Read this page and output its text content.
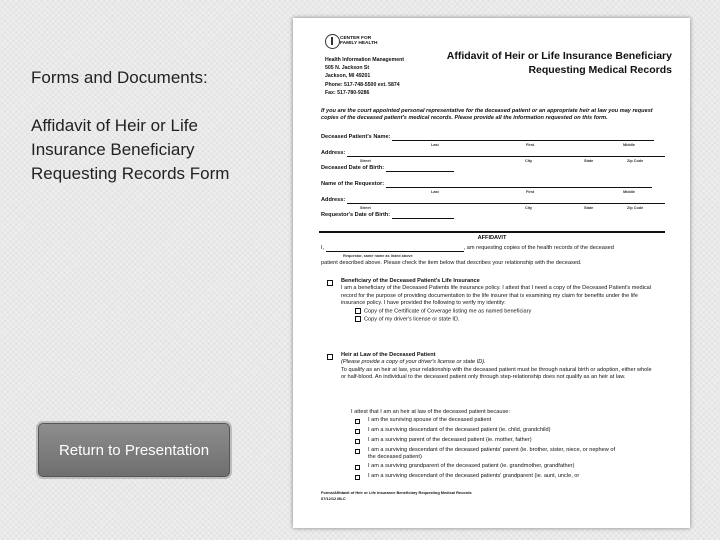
Forms and Documents:

Affidavit of Heir or Life Insurance Beneficiary Requesting Records Form

Return to Presentation
CENTER FOR
FAMILY HEALTH
Health Information Management
505 N. Jackson St
Jackson, MI 49201
Phone: 517-748-5500 ext. 5874
Fax: 517-780-9286
Affidavit of Heir or Life Insurance Beneficiary
Requesting Medical Records
If you are the court appointed personal representative for the deceased patient or an appropriate heir at law you may request copies of the deceased patient's medical records. Please provide all the information requested on this form.
Deceased Patient's Name:
Last	First	Middle
Address:
Street	City	State	Zip Code
Deceased Date of Birth:
Name of the Requestor:
Last	First	Middle
Address:
Street	City	State	Zip Code
Requestor's Date of Birth:
AFFIDAVIT
I,	, am requesting copies of the health records of the deceased
Requestor, same name as listed above
patient described above. Please check the item below that describes your relationship with the deceased.
Beneficiary of the Deceased Patient's Life Insurance
I am a beneficiary of the Deceased Patients life insurance policy. I attest that I need a copy of the Deceased Patient's medical record for the purpose of providing documentation to the life insurer that is examining my claim for benefits under the life insurance policy. I have provided the following to verify my identity:
Copy of the Certificate of Coverage listing me as named beneficiary
Copy of my driver's license or state ID.
Heir at Law of the Deceased Patient
(Please provide a copy of your driver's license or state ID).
To qualify as an heir at law, your relationship with the deceased patient must be through natural birth or adoption, either whole or half-blood. An individual to the deceased patient only through step-relationship does not qualify as an heir at law.
I attest that I am an heir at law of the deceased patient because:
I am the surviving spouse of the deceased patient
I am a surviving descendant of the deceased patient (ie. child, grandchild)
I am a surviving parent of the deceased patient (ie. mother, father)
I am a surviving descendant of the deceased patients' parent (ie. brother, sister, niece, or nephew of the deceased patient)
I am a surviving grandparent of the deceased patient (ie. grandmother, grandfather)
I am a surviving descendant of the deceased patients' grandparent (ie. aunt, uncle, or
Forms/Affidavit of Heir or Life Insurance Beneficiary Requesting Medical Records
07/12/12 MLC
